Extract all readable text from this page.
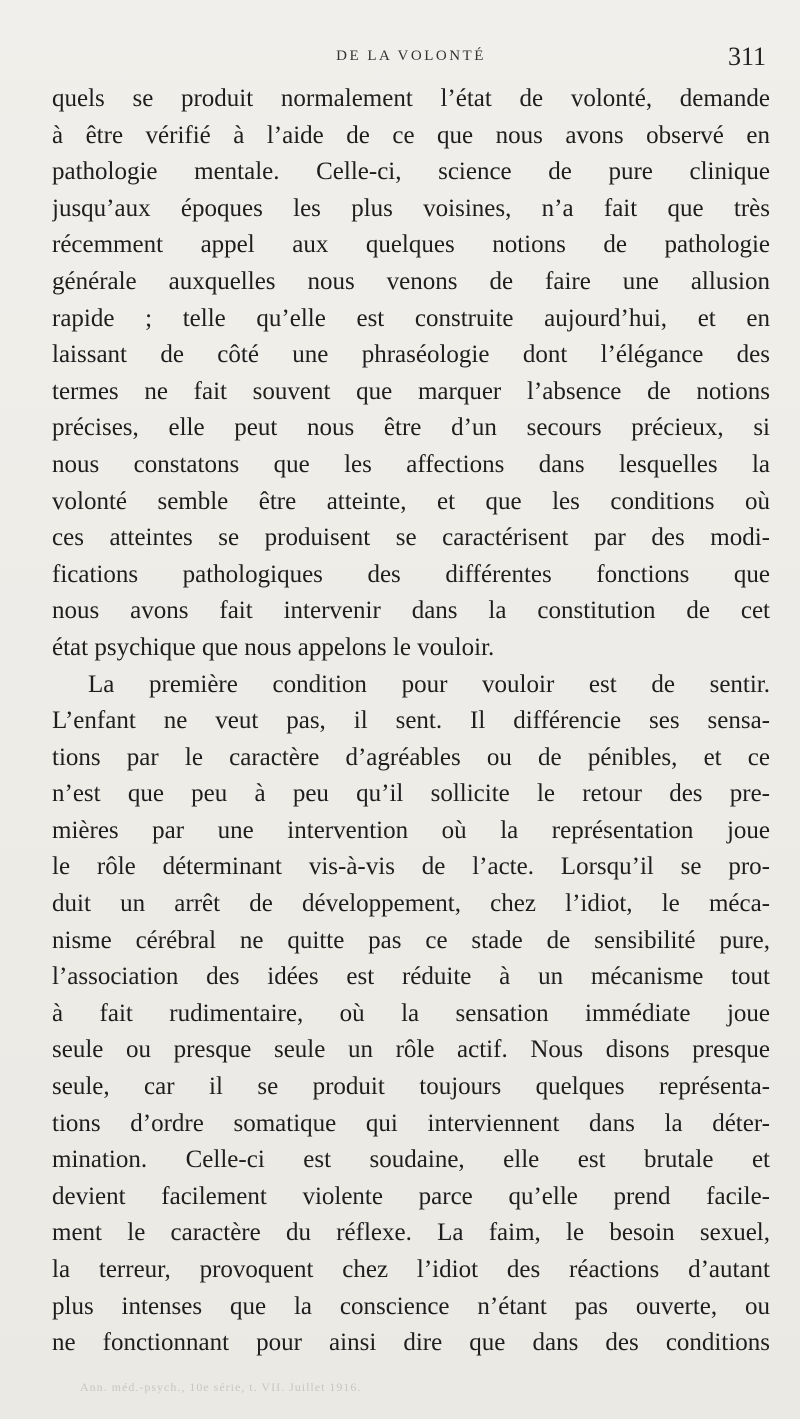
DE LA VOLONTÉ	311
quels se produit normalement l’état de volonté, demande
à être vérifié à l’aide de ce que nous avons observé en
pathologie mentale. Celle-ci, science de pure clinique
jusqu’aux époques les plus voisines, n’a fait que très
récemment appel aux quelques notions de pathologie
générale auxquelles nous venons de faire une allusion
rapide ; telle qu’elle est construite aujourd’hui, et en
laissant de côté une phraséologie dont l’élégance des
termes ne fait souvent que marquer l’absence de notions
précises, elle peut nous être d’un secours précieux, si
nous constatons que les affections dans lesquelles la
volonté semble être atteinte, et que les conditions où
ces atteintes se produisent se caractérisent par des modi-
fications pathologiques des différentes fonctions que
nous avons fait intervenir dans la constitution de cet
état psychique que nous appelons le vouloir.
La première condition pour vouloir est de sentir.
L’enfant ne veut pas, il sent. Il différencie ses sensa-
tions par le caractère d’agréables ou de pénibles, et ce
n’est que peu à peu qu’il sollicite le retour des pre-
mières par une intervention où la représentation joue
le rôle déterminant vis-à-vis de l’acte. Lorsqu’il se pro-
duit un arrêt de développement, chez l’idiot, le méca-
nisme cérébral ne quitte pas ce stade de sensibilité pure,
l’association des idées est réduite à un mécanisme tout
à fait rudimentaire, où la sensation immédiate joue
seule ou presque seule un rôle actif. Nous disons presque
seule, car il se produit toujours quelques représenta-
tions d’ordre somatique qui interviennent dans la déter-
mination. Celle-ci est soudaine, elle est brutale et
devient facilement violente parce qu’elle prend facile-
ment le caractère du réflexe. La faim, le besoin sexuel,
la terreur, provoquent chez l’idiot des réactions d’autant
plus intenses que la conscience n’étant pas ouverte, ou
ne fonctionnant pour ainsi dire que dans des conditions
Ann. méd.-psych., 10e série, t. VII. Juillet 1916.
